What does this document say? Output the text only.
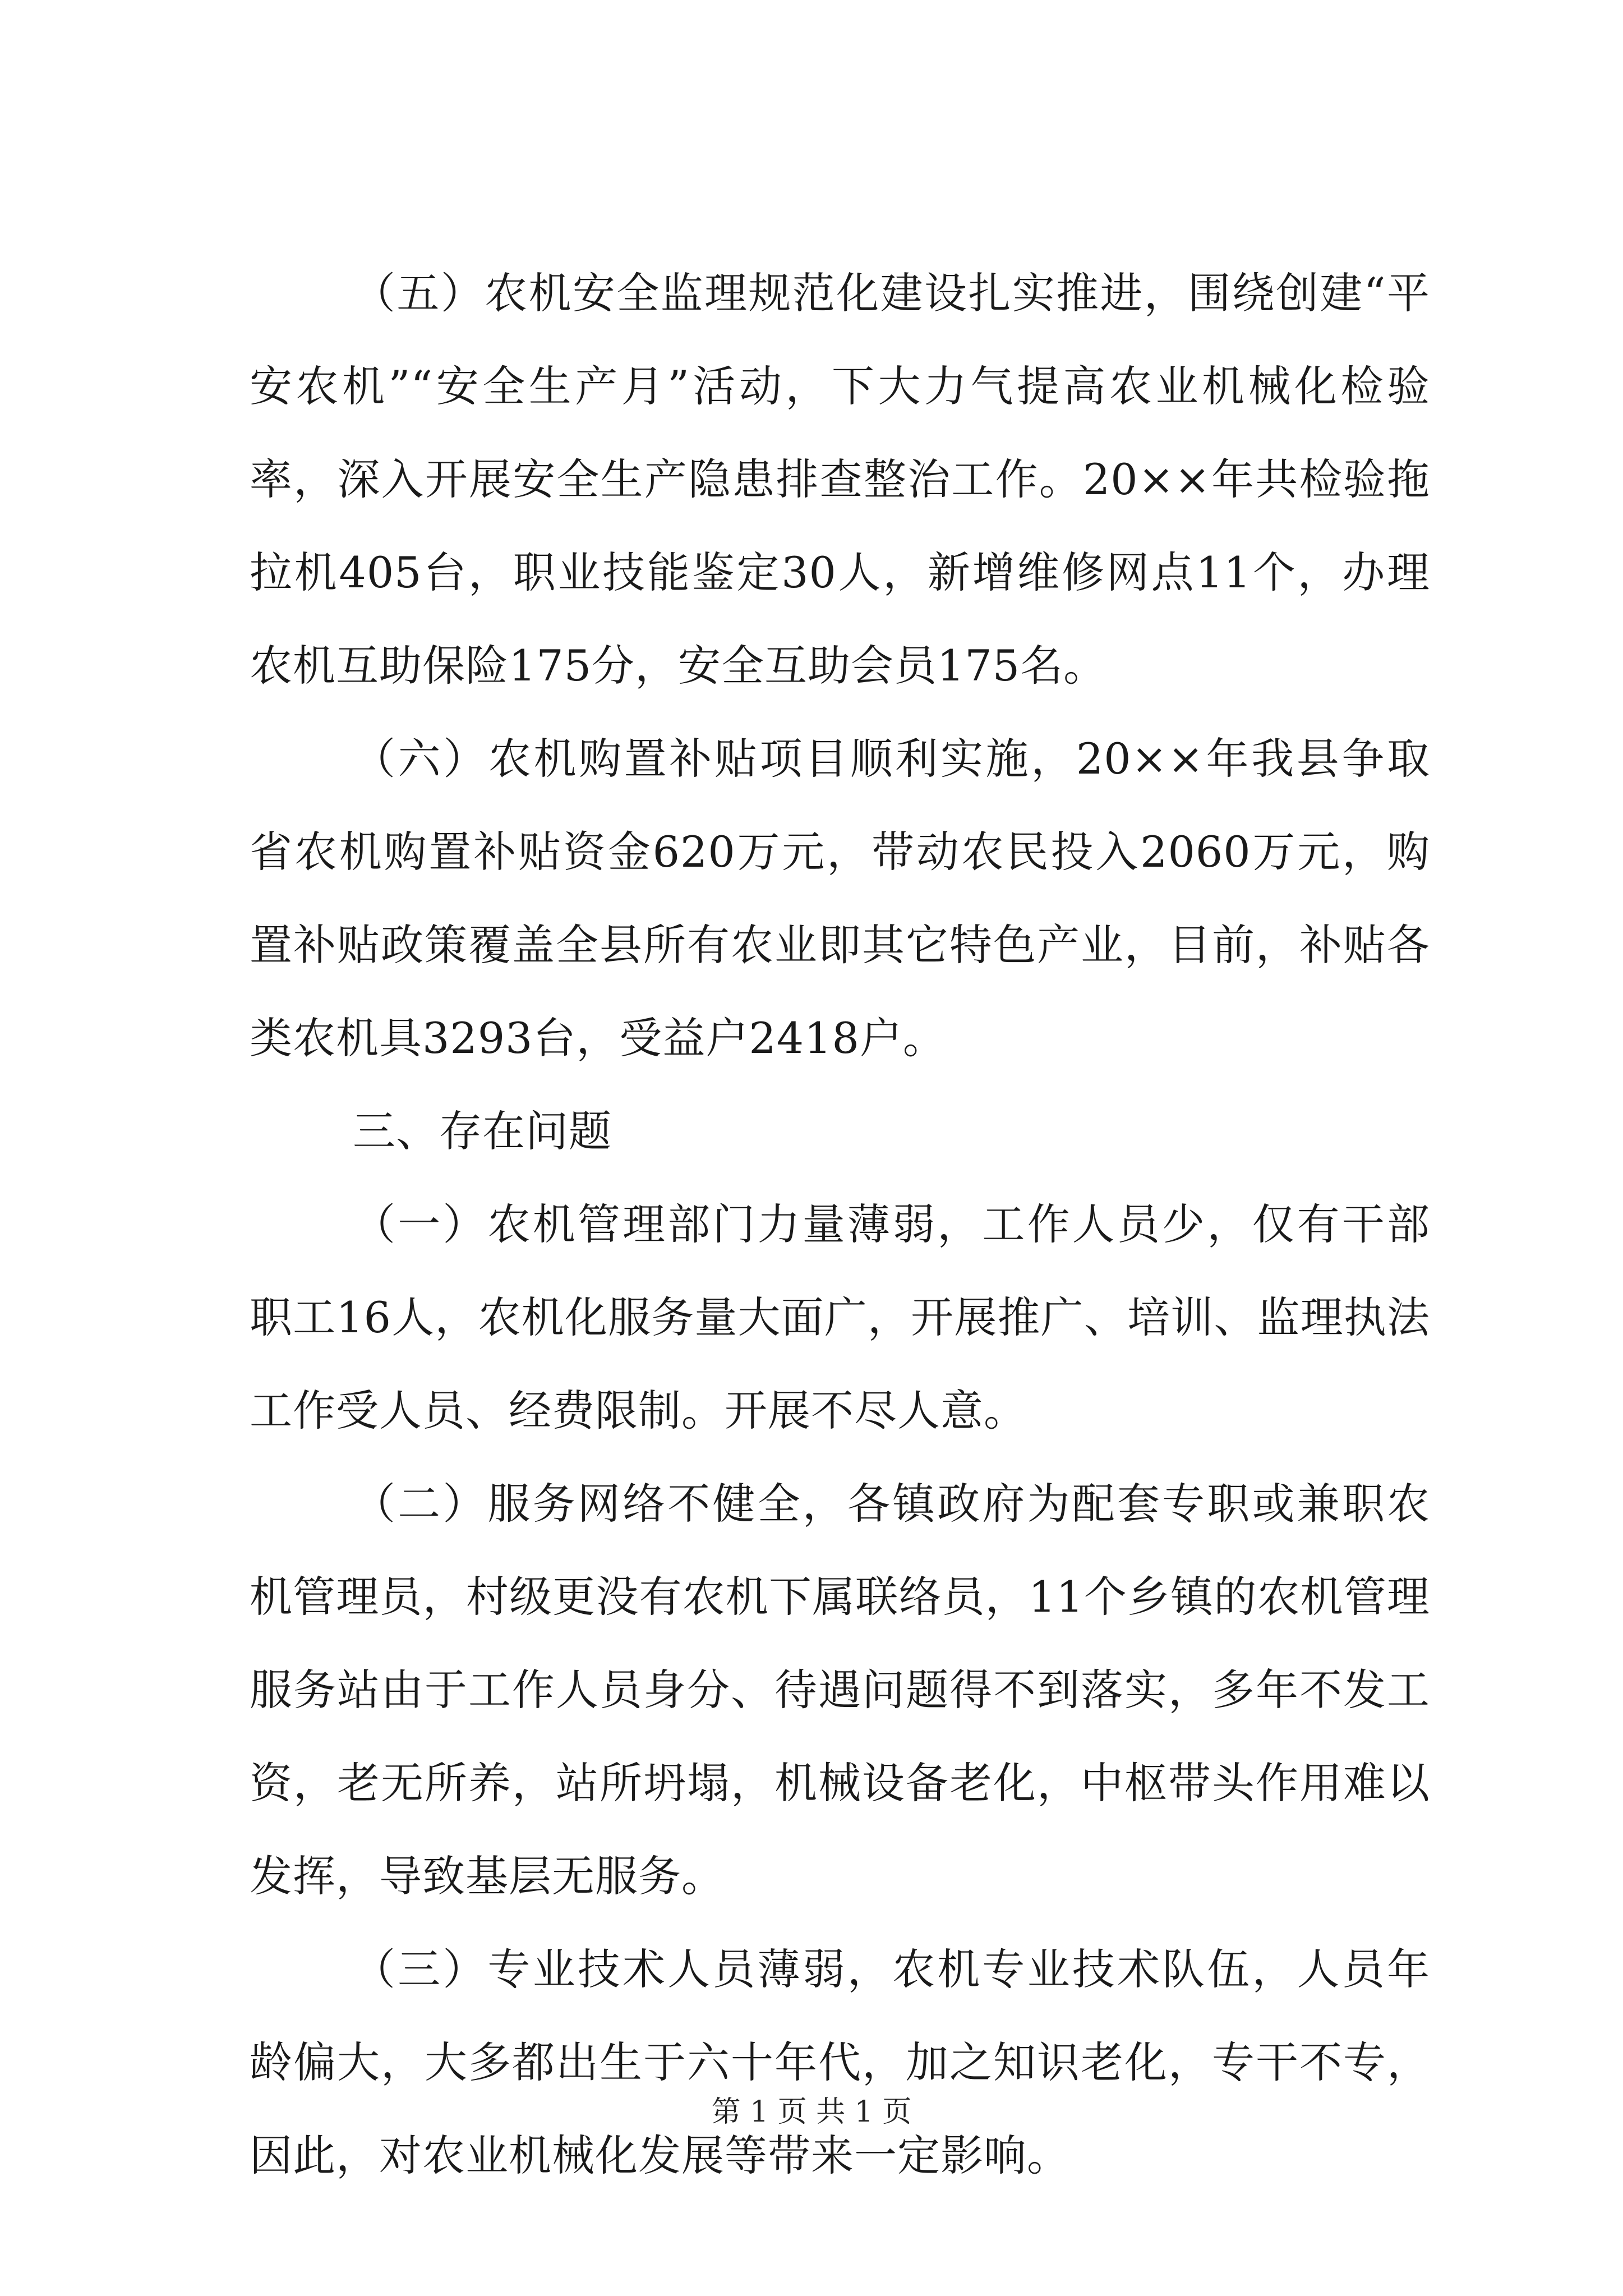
（五）农机安全监理规范化建设扎实推进，围绕创建“平安农机”“安全生产月”活动，下大力气提高农业机械化检验率，深入开展安全生产隐患排查整治工作。20××年共检验拖拉机405台，职业技能鉴定30人，新增维修网点11个，办理农机互助保险175分，安全互助会员175名。

（六）农机购置补贴项目顺利实施，20××年我县争取省农机购置补贴资金620万元，带动农民投入2060万元，购置补贴政策覆盖全县所有农业即其它特色产业，目前，补贴各类农机具3293台，受益户2418户。

三、存在问题

（一）农机管理部门力量薄弱，工作人员少，仅有干部职工16人，农机化服务量大面广，开展推广、培训、监理执法工作受人员、经费限制。开展不尽人意。

（二）服务网络不健全，各镇政府为配套专职或兼职农机管理员，村级更没有农机下属联络员，11个乡镇的农机管理服务站由于工作人员身分、待遇问题得不到落实，多年不发工资，老无所养，站所坍塌，机械设备老化，中枢带头作用难以发挥，导致基层无服务。

（三）专业技术人员薄弱，农机专业技术队伍，人员年龄偏大，大多都出生于六十年代，加之知识老化，专干不专，因此，对农业机械化发展等带来一定影响。

第 1 页 共 1 页
